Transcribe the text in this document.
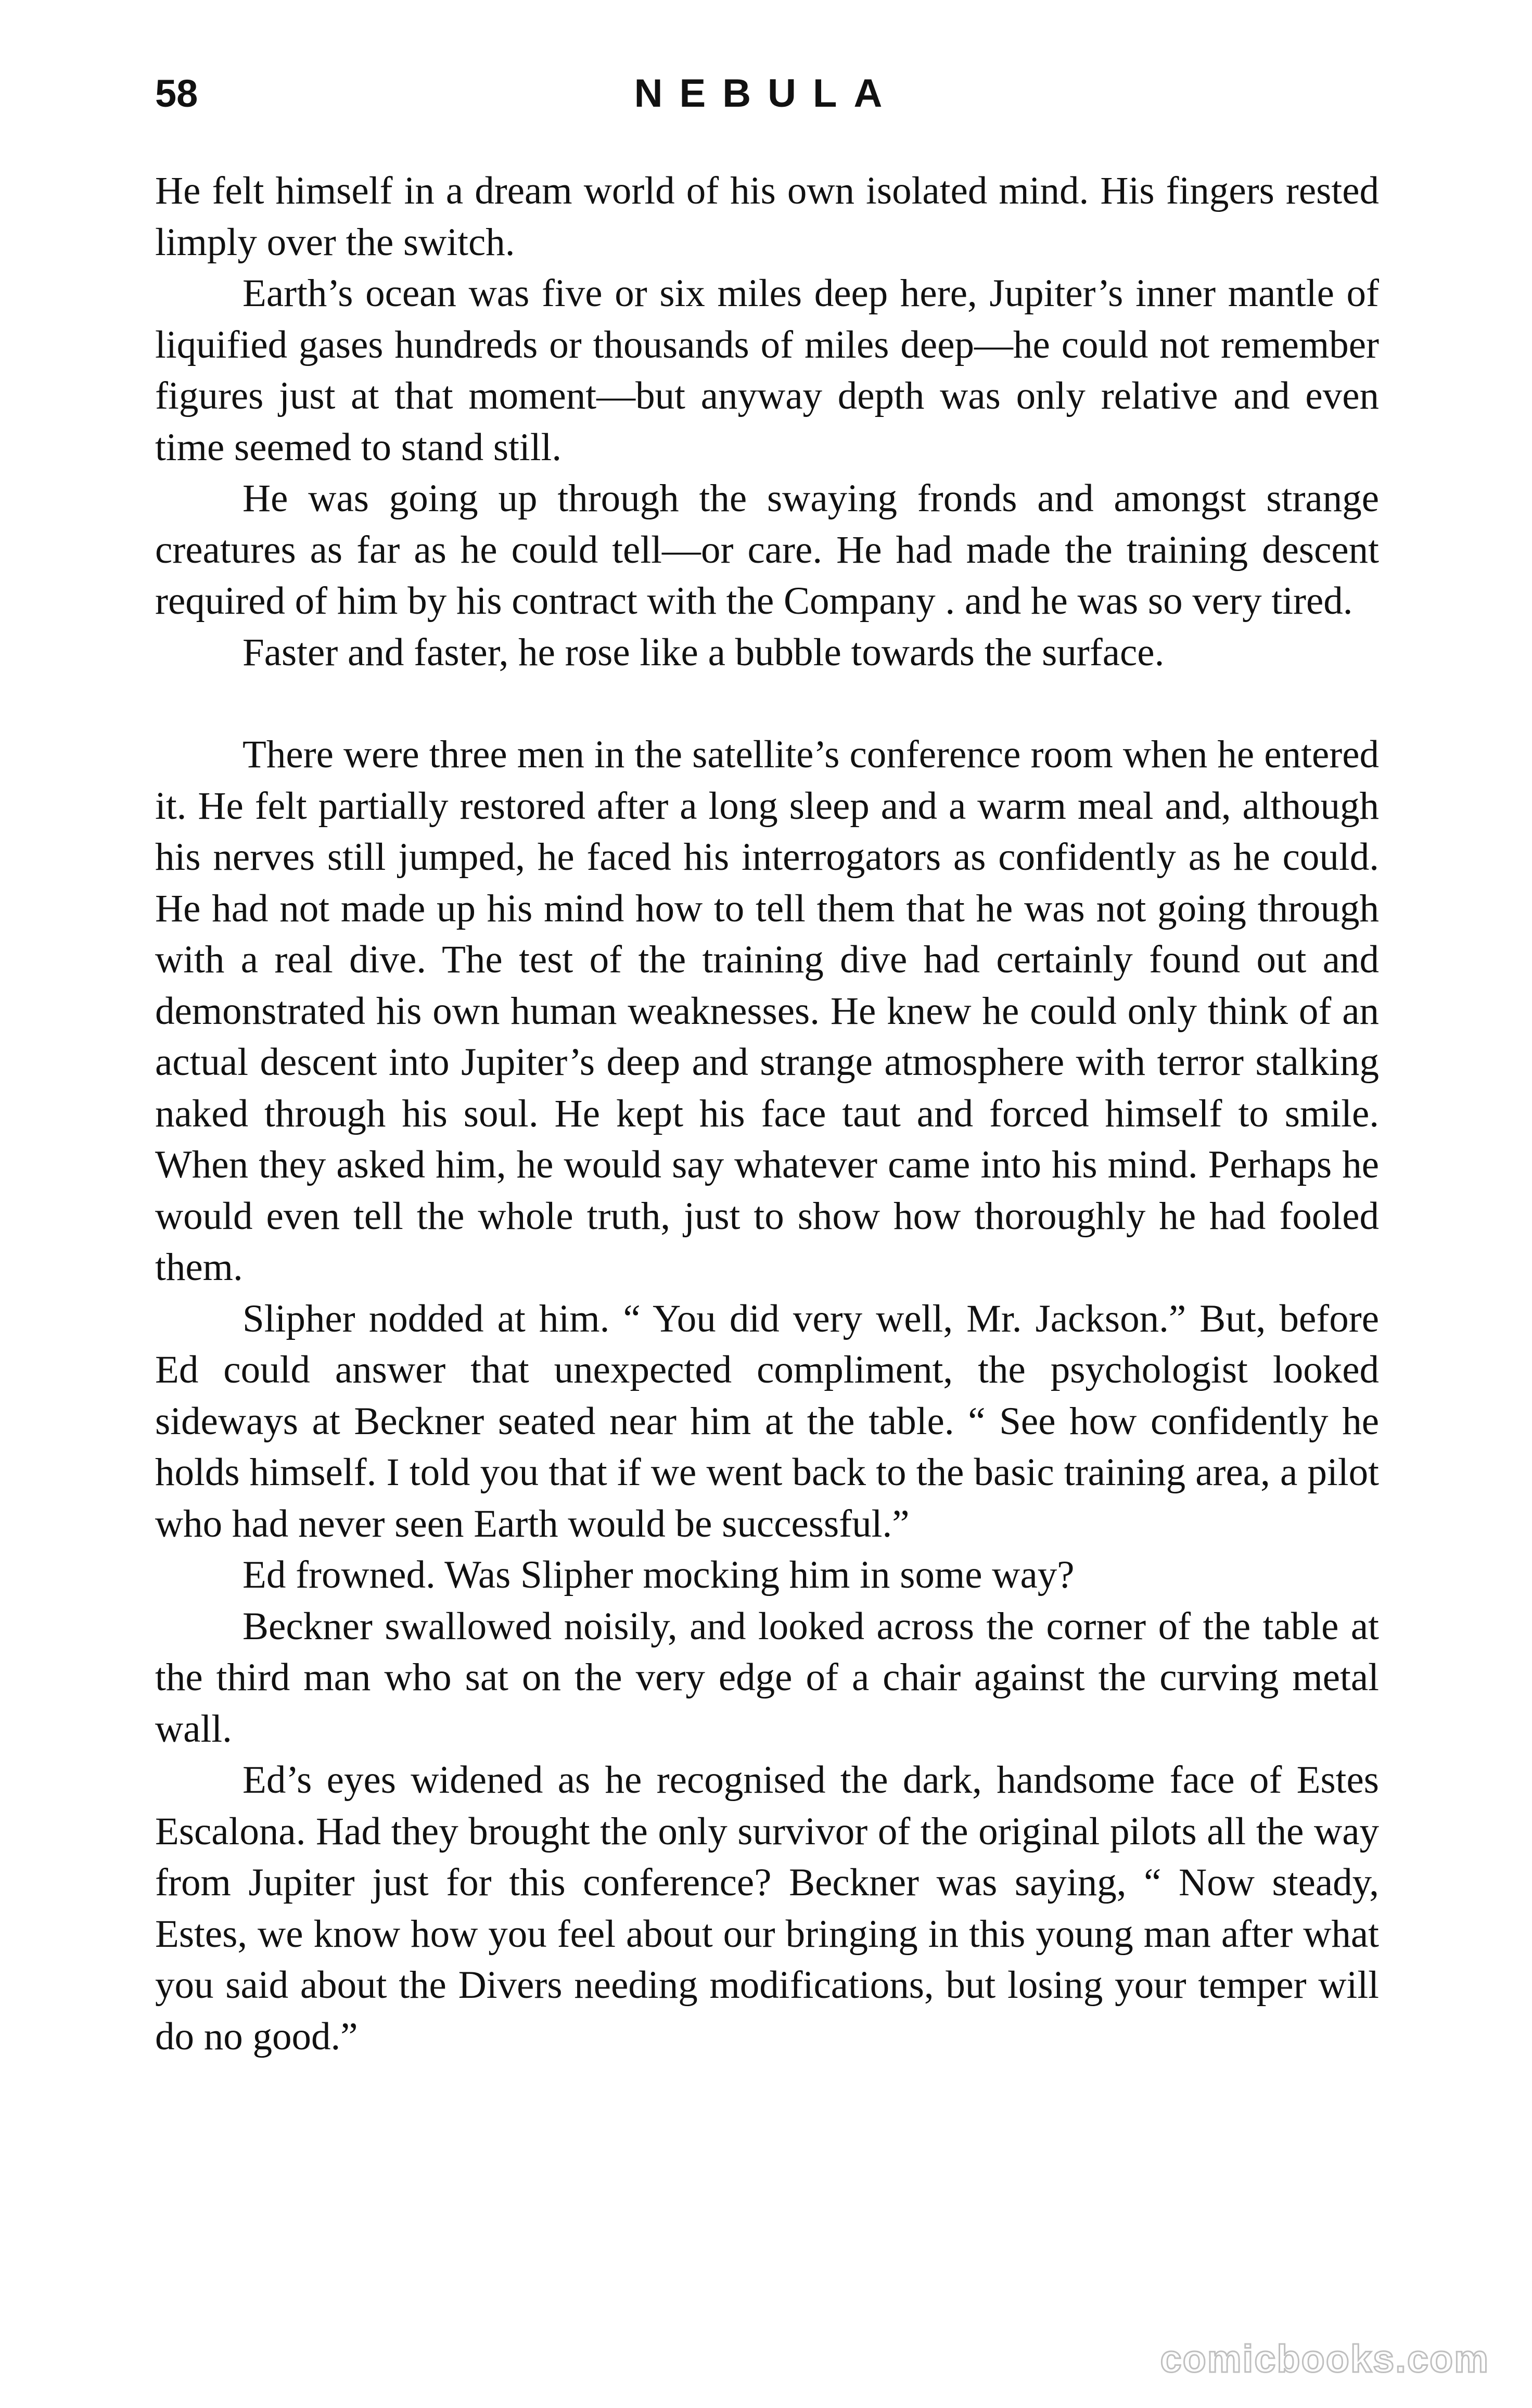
58	NEBULA

He felt himself in a dream world of his own isolated mind. His fingers rested limply over the switch.

Earth’s ocean was five or six miles deep here, Jupiter’s inner mantle of liquified gases hundreds or thousands of miles deep—he could not remember figures just at that moment—but anyway depth was only relative and even time seemed to stand still.

He was going up through the swaying fronds and amongst strange creatures as far as he could tell—or care. He had made the training descent required of him by his contract with the Company . and he was so very tired.

Faster and faster, he rose like a bubble towards the surface.

There were three men in the satellite’s conference room when he entered it. He felt partially restored after a long sleep and a warm meal and, although his nerves still jumped, he faced his interrogators as confidently as he could. He had not made up his mind how to tell them that he was not going through with a real dive. The test of the training dive had certainly found out and demonstrated his own human weaknesses. He knew he could only think of an actual descent into Jupiter’s deep and strange atmosphere with terror stalking naked through his soul. He kept his face taut and forced himself to smile. When they asked him, he would say whatever came into his mind. Perhaps he would even tell the whole truth, just to show how thoroughly he had fooled them.

Slipher nodded at him. “ You did very well, Mr. Jackson.” But, before Ed could answer that unexpected compliment, the psychologist looked sideways at Beckner seated near him at the table. “ See how confidently he holds himself. I told you that if we went back to the basic training area, a pilot who had never seen Earth would be successful.”

Ed frowned. Was Slipher mocking him in some way?

Beckner swallowed noisily, and looked across the corner of the table at the third man who sat on the very edge of a chair against the curving metal wall.

Ed’s eyes widened as he recognised the dark, handsome face of Estes Escalona. Had they brought the only survivor of the original pilots all the way from Jupiter just for this conference? Beckner was saying, “ Now steady, Estes, we know how you feel about our bringing in this young man after what you said about the Divers needing modifications, but losing your temper will do no good.”

comicbooks.com
